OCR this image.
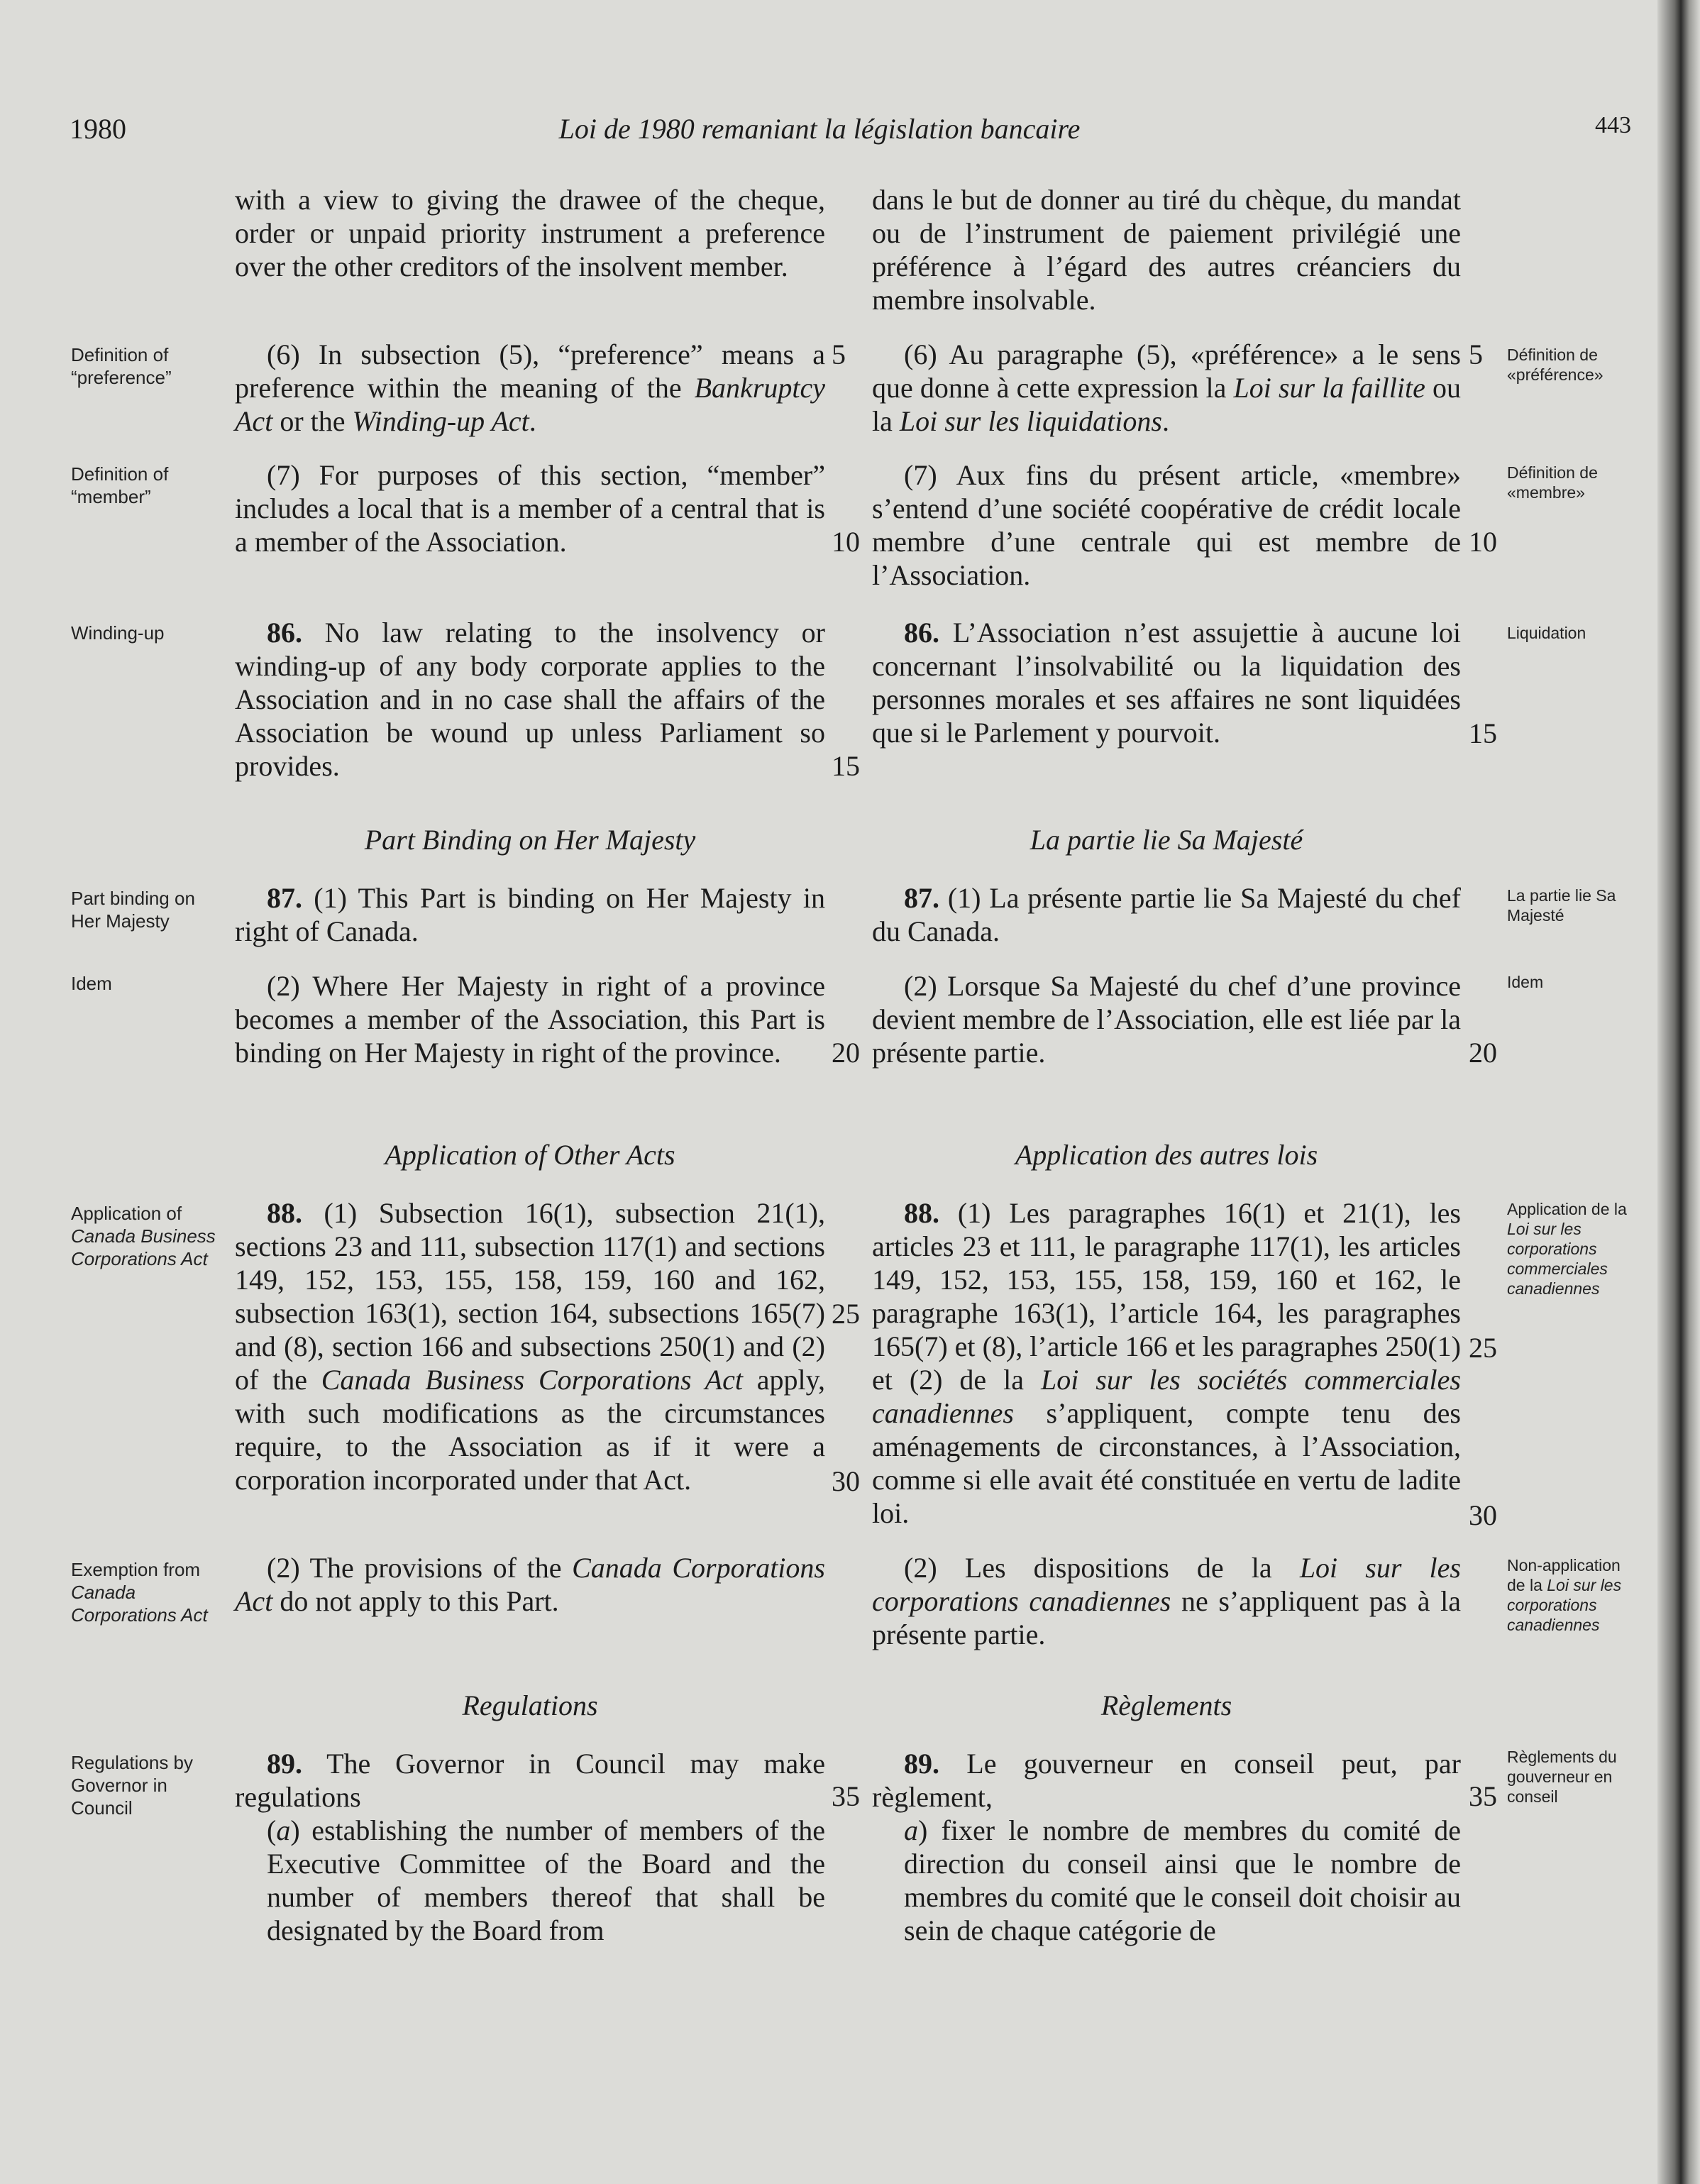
1980	Loi de 1980 remaniant la législation bancaire	443
with a view to giving the drawee of the cheque, order or unpaid priority instrument a preference over the other creditors of the insolvent member.

(6) In subsection (5), “preference” means a preference within the meaning of the Bankruptcy Act or the Winding-up Act.

(7) For purposes of this section, “member” includes a local that is a member of a central that is a member of the Association.

86. No law relating to the insolvency or winding-up of any body corporate applies to the Association and in no case shall the affairs of the Association be wound up unless Parliament so provides.

Part Binding on Her Majesty

87. (1) This Part is binding on Her Majesty in right of Canada.

(2) Where Her Majesty in right of a province becomes a member of the Association, this Part is binding on Her Majesty in right of the province.

Application of Other Acts

88. (1) Subsection 16(1), subsection 21(1), sections 23 and 111, subsection 117(1) and sections 149, 152, 153, 155, 158, 159, 160 and 162, subsection 163(1), section 164, subsections 165(7) and (8), section 166 and subsections 250(1) and (2) of the Canada Business Corporations Act apply, with such modifications as the circumstances require, to the Association as if it were a corporation incorporated under that Act.

(2) The provisions of the Canada Corporations Act do not apply to this Part.

Regulations

89. The Governor in Council may make regulations

(a) establishing the number of members of the Executive Committee of the Board and the number of members thereof that shall be designated by the Board from

dans le but de donner au tiré du chèque, du mandat ou de l’instrument de paiement privilégié une préférence à l’égard des autres créanciers du membre insolvable.

(6) Au paragraphe (5), «préférence» a le sens que donne à cette expression la Loi sur la faillite ou la Loi sur les liquidations.

(7) Aux fins du présent article, «membre» s’entend d’une société coopérative de crédit locale membre d’une centrale qui est membre de l’Association.

86. L’Association n’est assujettie à aucune loi concernant l’insolvabilité ou la liquidation des personnes morales et ses affaires ne sont liquidées que si le Parlement y pourvoit.

La partie lie Sa Majesté

87. (1) La présente partie lie Sa Majesté du chef du Canada.

(2) Lorsque Sa Majesté du chef d’une province devient membre de l’Association, elle est liée par la présente partie.

Application des autres lois

88. (1) Les paragraphes 16(1) et 21(1), les articles 23 et 111, le paragraphe 117(1), les articles 149, 152, 153, 155, 158, 159, 160 et 162, le paragraphe 163(1), l’article 164, les paragraphes 165(7) et (8), l’article 166 et les paragraphes 250(1) et (2) de la Loi sur les sociétés commerciales canadiennes s’appliquent, compte tenu des aménagements de circonstances, à l’Association, comme si elle avait été constituée en vertu de ladite loi.

(2) Les dispositions de la Loi sur les corporations canadiennes ne s’appliquent pas à la présente partie.

Règlements

89. Le gouverneur en conseil peut, par règlement,

a) fixer le nombre de membres du comité de direction du conseil ainsi que le nombre de membres du comité que le conseil doit choisir au sein de chaque catégorie de

Definition of “preference”
Definition of “member”
Winding-up
Part binding on Her Majesty
Idem
Application of Canada Business Corporations Act
Exemption from Canada Corporations Act
Regulations by Governor in Council
Définition de «préférence»
Définition de «membre»
Liquidation
La partie lie Sa Majesté
Idem
Application de la Loi sur les corporations commerciales canadiennes
Non-application de la Loi sur les corporations canadiennes
Règlements du gouverneur en conseil
5
10
15
20
25
30
35
5
10
15
20
25
30
35
